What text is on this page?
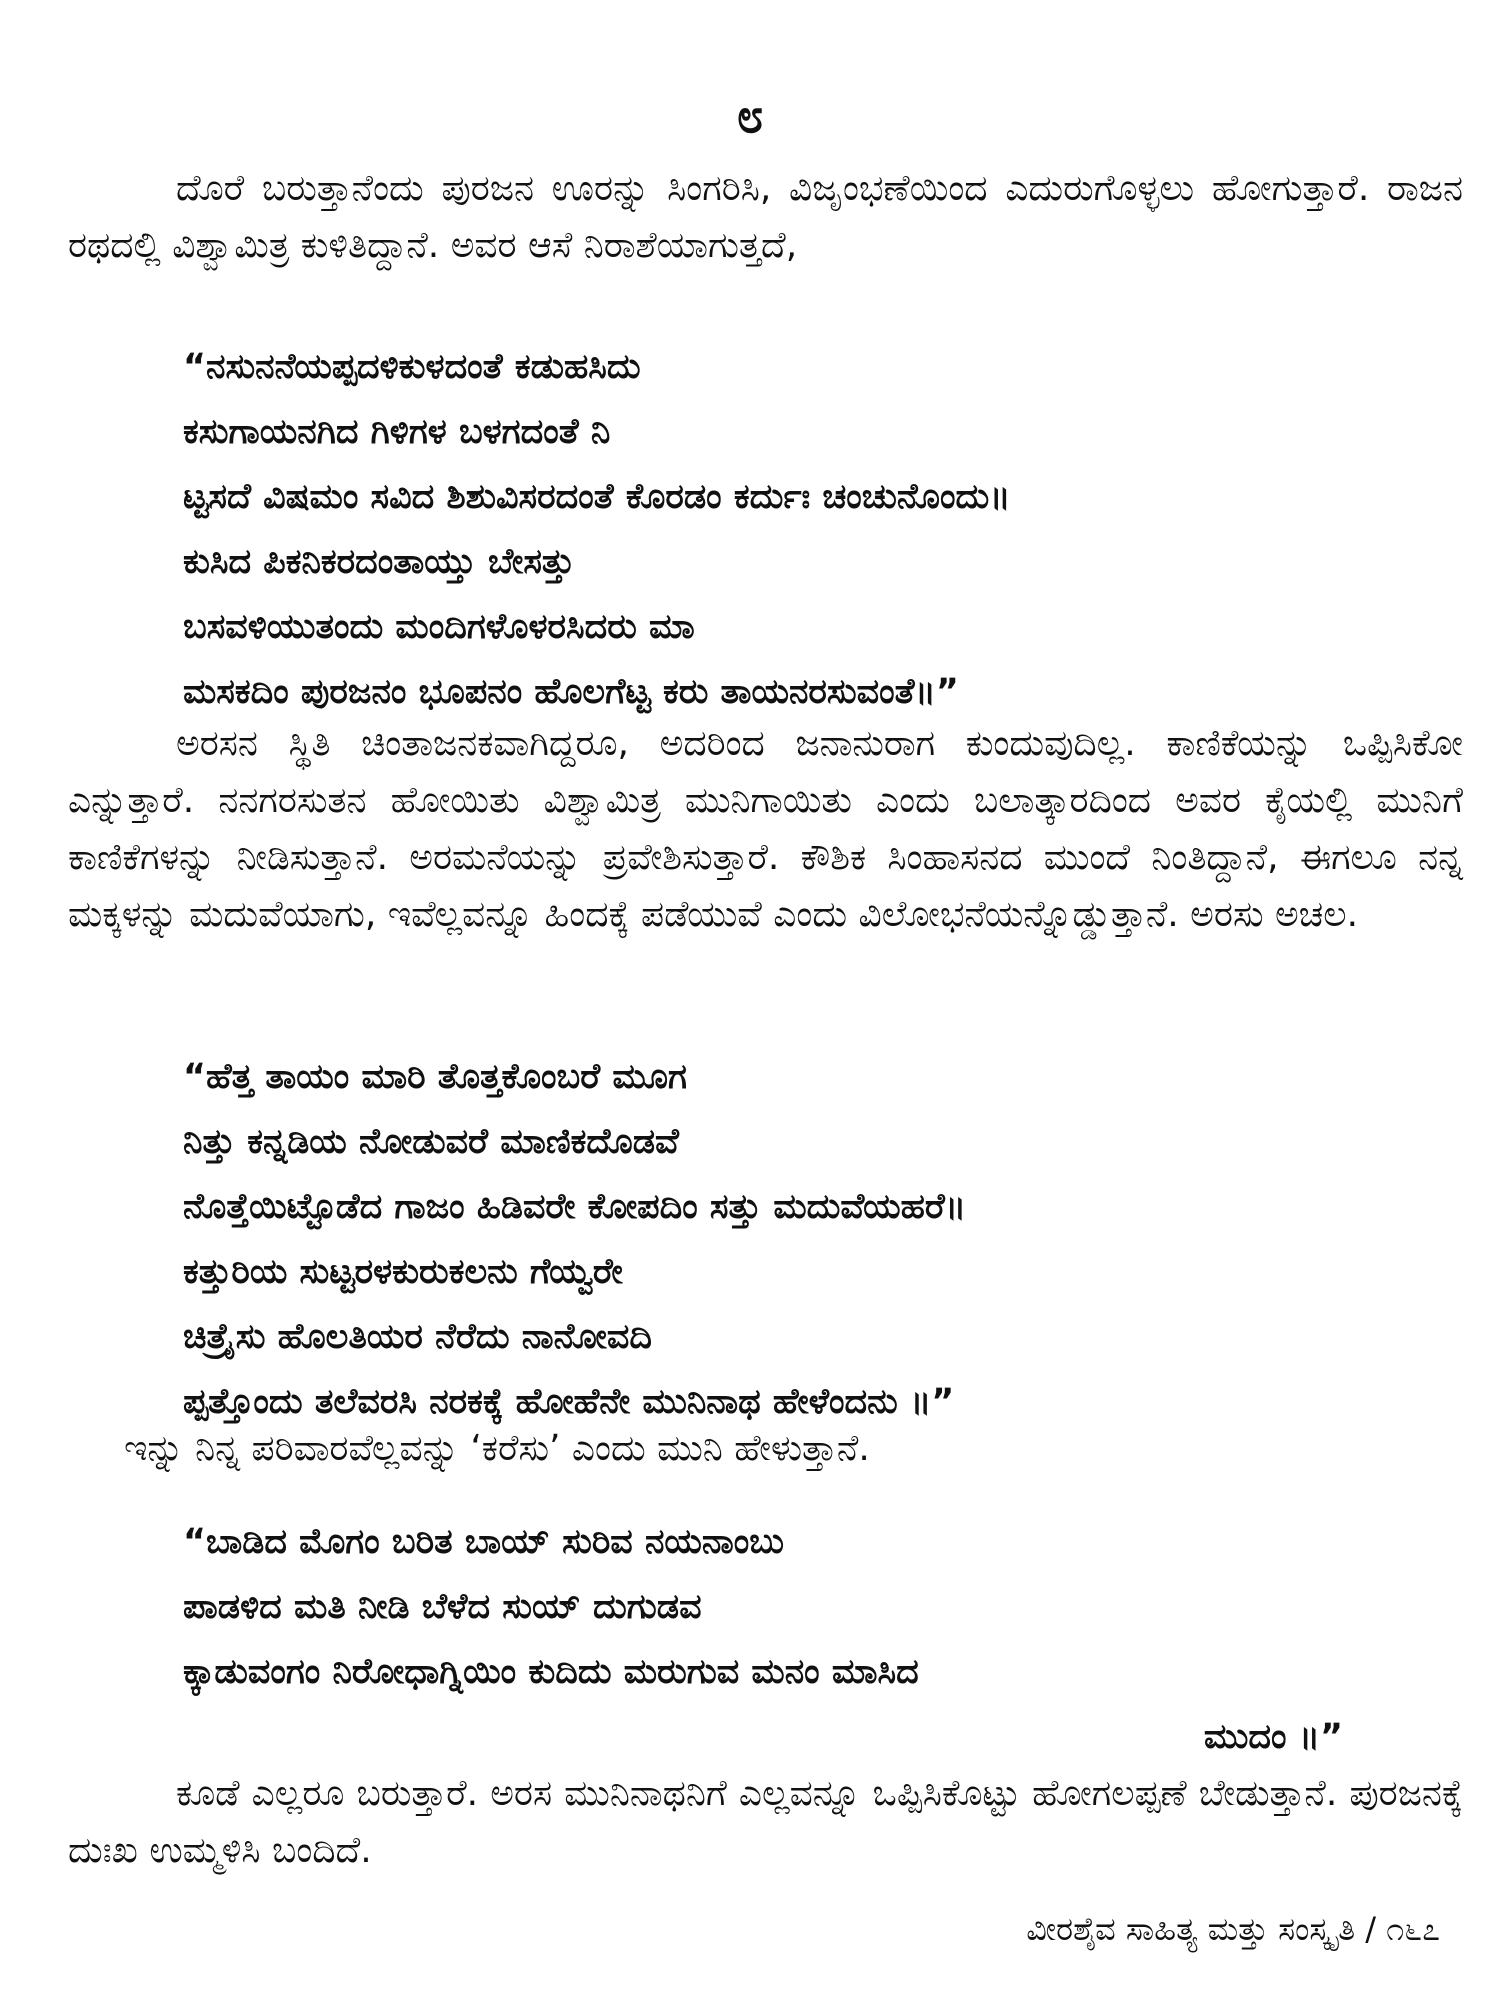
೮

ದೊರೆ ಬರುತ್ತಾನೆಂದು ಪುರಜನ ಊರನ್ನು ಸಿಂಗರಿಸಿ, ವಿಜೃಂಭಣೆಯಿಂದ ಎದುರುಗೊಳ್ಳಲು ಹೋಗುತ್ತಾರೆ. ರಾಜನ ರಥದಲ್ಲಿ ವಿಶ್ವಾಮಿತ್ರ ಕುಳಿತಿದ್ದಾನೆ. ಅವರ ಆಸೆ ನಿರಾಶೆಯಾಗುತ್ತದೆ,

“ನಸುನನೆಯಪ್ಪದಳಿಕುಳದಂತೆ ಕಡುಹಸಿದು
ಕಸುಗಾಯನಗಿದ ಗಿಳಿಗಳ ಬಳಗದಂತೆ ನಿ
ಟ್ಟಸದೆ ವಿಷಮಂ ಸವಿದ ಶಿಶುವಿಸರದಂತೆ ಕೊರಡಂ ಕರ್ದುಃ ಚಂಚುನೊಂದು॥
ಕುಸಿದ ಪಿಕನಿಕರದಂತಾಯ್ತು ಬೇಸತ್ತು
ಬಸವಳಿಯುತಂದು ಮಂದಿಗಳೊಳರಸಿದರು ಮಾ
ಮಸಕದಿಂ ಪುರಜನಂ ಭೂಪನಂ ಹೊಲಗೆಟ್ಟ ಕರು ತಾಯನರಸುವಂತೆ॥”

ಅರಸನ ಸ್ಥಿತಿ ಚಿಂತಾಜನಕವಾಗಿದ್ದರೂ, ಅದರಿಂದ ಜನಾನುರಾಗ ಕುಂದುವುದಿಲ್ಲ. ಕಾಣಿಕೆಯನ್ನು ಒಪ್ಪಿಸಿಕೋ ಎನ್ನುತ್ತಾರೆ. ನನಗರಸುತನ ಹೋಯಿತು ವಿಶ್ವಾಮಿತ್ರ ಮುನಿಗಾಯಿತು ಎಂದು ಬಲಾತ್ಕಾರದಿಂದ ಅವರ ಕೈಯಲ್ಲಿ ಮುನಿಗೆ ಕಾಣಿಕೆಗಳನ್ನು ನೀಡಿಸುತ್ತಾನೆ. ಅರಮನೆಯನ್ನು ಪ್ರವೇಶಿಸುತ್ತಾರೆ. ಕೌಶಿಕ ಸಿಂಹಾಸನದ ಮುಂದೆ ನಿಂತಿದ್ದಾನೆ, ಈಗಲೂ ನನ್ನ ಮಕ್ಕಳನ್ನು ಮದುವೆಯಾಗು, ಇವೆಲ್ಲವನ್ನೂ ಹಿಂದಕ್ಕೆ ಪಡೆಯುವೆ ಎಂದು ವಿಲೋಭನೆಯನ್ನೊಡ್ಡುತ್ತಾನೆ. ಅರಸು ಅಚಲ.

“ಹೆತ್ತ ತಾಯಂ ಮಾರಿ ತೊತ್ತಕೊಂಬರೆ ಮೂಗ
ನಿತ್ತು ಕನ್ನಡಿಯ ನೋಡುವರೆ ಮಾಣಿಕದೊಡವೆ
ನೊತ್ತೆಯಿಟ್ಟೊಡೆದ ಗಾಜಂ ಹಿಡಿವರೇ ಕೋಪದಿಂ ಸತ್ತು ಮದುವೆಯಹರೆ॥
ಕತ್ತುರಿಯ ಸುಟ್ಟರಳಕುರುಕಲನು ಗೆಯ್ವರೇ
ಚಿತ್ರೈಸು ಹೊಲತಿಯರ ನೆರೆದು ನಾನೋವದಿ
ಪ್ಪತ್ತೊಂದು ತಲೆವರಸಿ ನರಕಕ್ಕೆ ಹೋಹೆನೇ ಮುನಿನಾಥ ಹೇಳೆಂದನು ॥”

ಇನ್ನು ನಿನ್ನ ಪರಿವಾರವೆಲ್ಲವನ್ನು ‘ಕರೆಸು’ ಎಂದು ಮುನಿ ಹೇಳುತ್ತಾನೆ.

“ಬಾಡಿದ ಮೊಗಂ ಬರಿತ ಬಾಯ್ ಸುರಿವ ನಯನಾಂಬು
ಪಾಡಳಿದ ಮತಿ ನೀಡಿ ಬೆಳೆದ ಸುಯ್ ದುಗುಡವ
ಕ್ಕಾಡುವಂಗಂ ನಿರೋಧಾಗ್ನಿಯಿಂ ಕುದಿದು ಮರುಗುವ ಮನಂ ಮಾಸಿದ
ಮುದಂ ॥”

ಕೂಡೆ ಎಲ್ಲರೂ ಬರುತ್ತಾರೆ. ಅರಸ ಮುನಿನಾಥನಿಗೆ ಎಲ್ಲವನ್ನೂ ಒಪ್ಪಿಸಿಕೊಟ್ಟು ಹೋಗಲಪ್ಪಣೆ ಬೇಡುತ್ತಾನೆ. ಪುರಜನಕ್ಕೆ ದುಃಖ ಉಮ್ಮಳಿಸಿ ಬಂದಿದೆ.

ವೀರಶೈವ ಸಾಹಿತ್ಯ ಮತ್ತು ಸಂಸ್ಕೃತಿ / ೧೬೭
